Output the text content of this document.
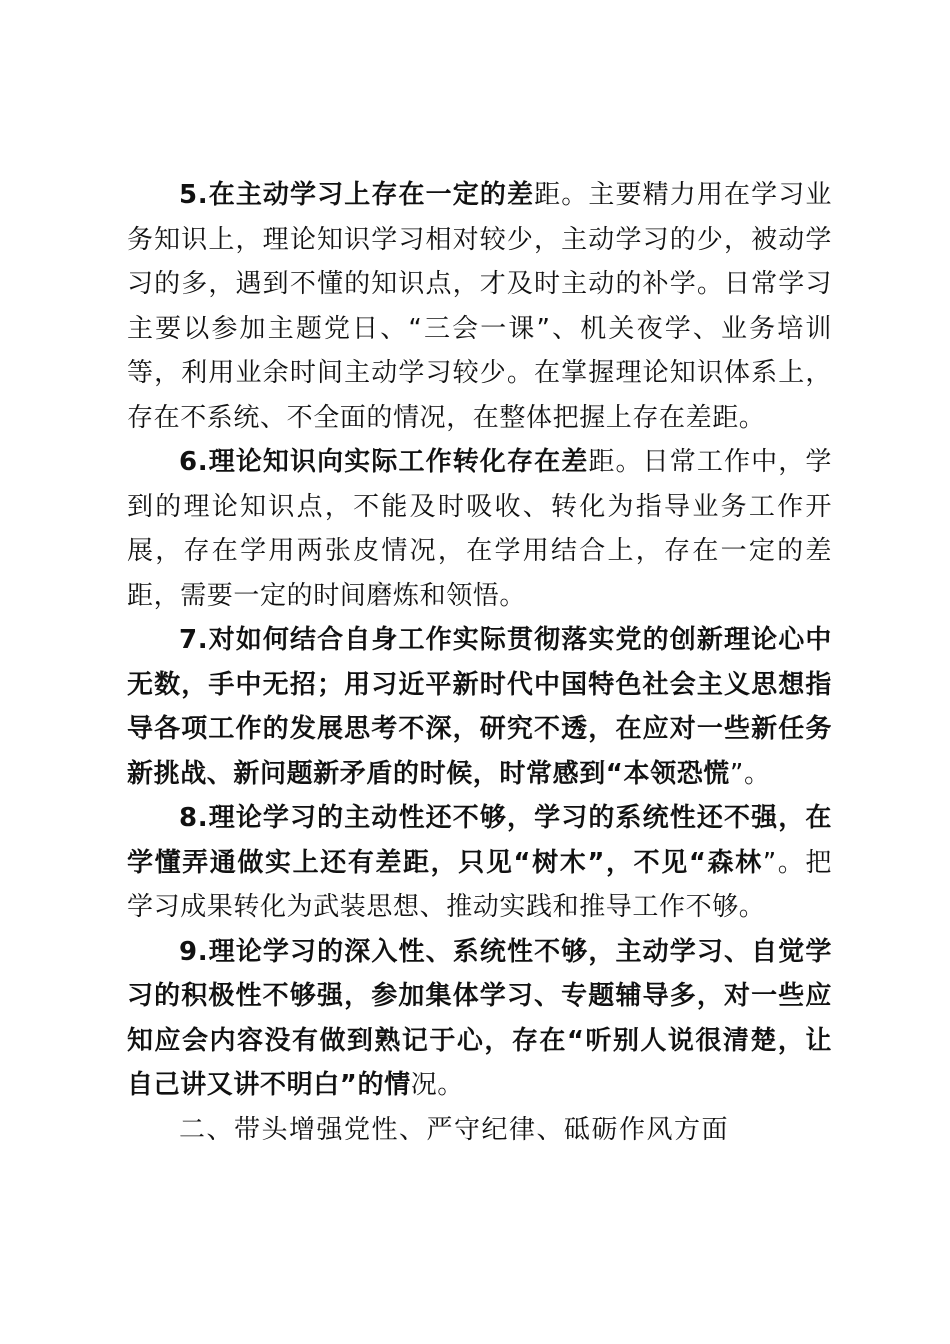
5.在主动学习上存在一定的差距。主要精力用在学习业务知识上，理论知识学习相对较少，主动学习的少，被动学习的多，遇到不懂的知识点，才及时主动的补学。日常学习主要以参加主题党日、“三会一课”、机关夜学、业务培训等，利用业余时间主动学习较少。在掌握理论知识体系上，存在不系统、不全面的情况，在整体把握上存在差距。

6.理论知识向实际工作转化存在差距。日常工作中，学到的理论知识点，不能及时吸收、转化为指导业务工作开展，存在学用两张皮情况，在学用结合上，存在一定的差距，需要一定的时间磨炼和领悟。

7.对如何结合自身工作实际贯彻落实党的创新理论心中无数，手中无招；用习近平新时代中国特色社会主义思想指导各项工作的发展思考不深，研究不透，在应对一些新任务新挑战、新问题新矛盾的时候，时常感到“本领恐慌”。

8.理论学习的主动性还不够，学习的系统性还不强，在学懂弄通做实上还有差距，只见“树木”，不见“森林”。把学习成果转化为武装思想、推动实践和推导工作不够。

9.理论学习的深入性、系统性不够，主动学习、自觉学习的积极性不够强，参加集体学习、专题辅导多，对一些应知应会内容没有做到熟记于心，存在“听别人说很清楚，让自己讲又讲不明白”的情况。

二、带头增强党性、严守纪律、砥砺作风方面
